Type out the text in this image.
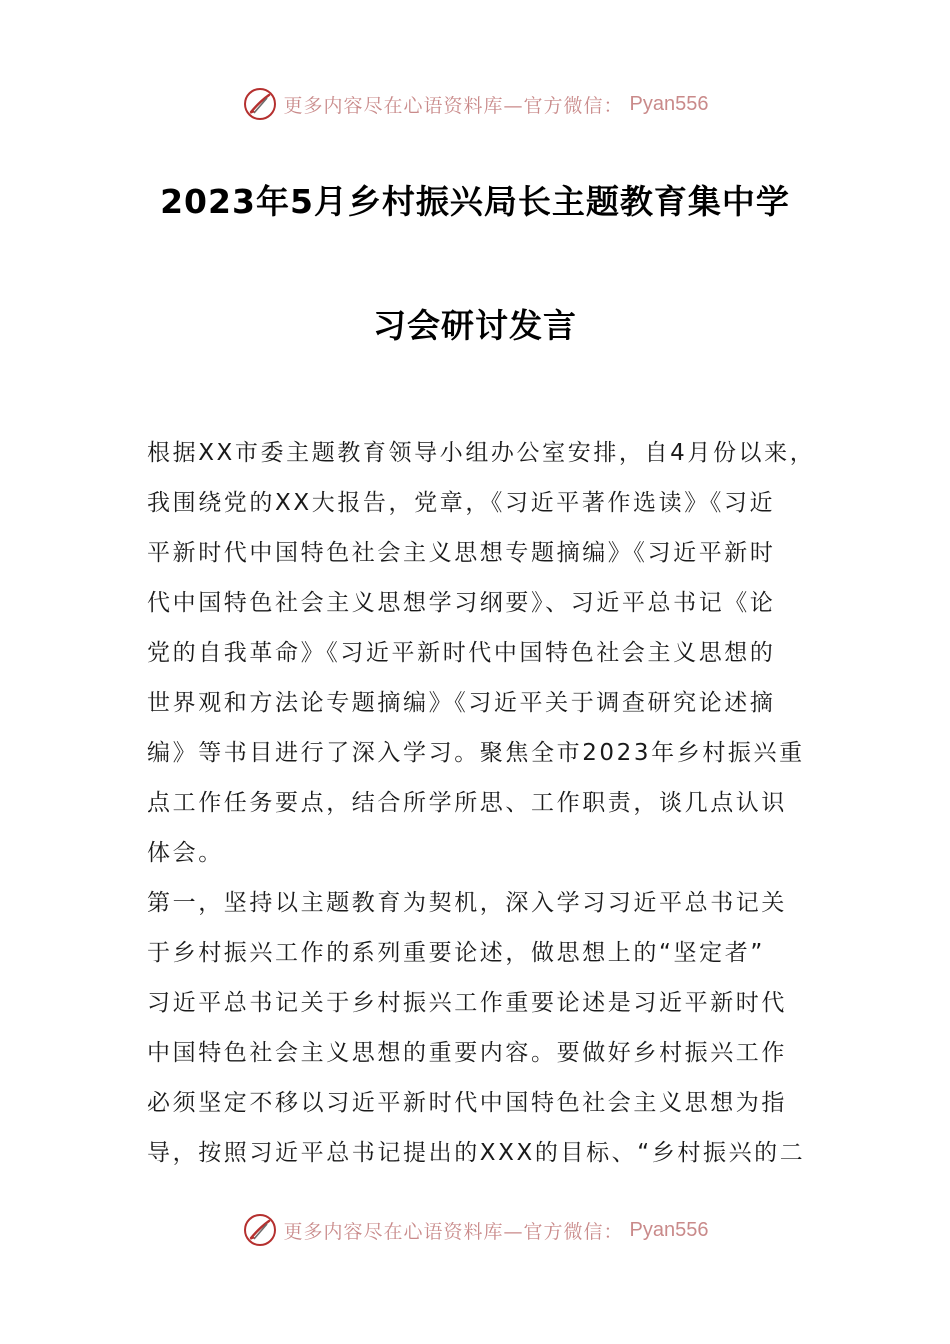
更多内容尽在心语资料库—官方微信： Pyan556
2023年5月乡村振兴局长主题教育集中学
习会研讨发言
根据XX市委主题教育领导小组办公室安排，自4月份以来，
我围绕党的XX大报告，党章，《习近平著作选读》《习近
平新时代中国特色社会主义思想专题摘编》《习近平新时
代中国特色社会主义思想学习纲要》、习近平总书记《论
党的自我革命》《习近平新时代中国特色社会主义思想的
世界观和方法论专题摘编》《习近平关于调查研究论述摘
编》等书目进行了深入学习。聚焦全市2023年乡村振兴重
点工作任务要点，结合所学所思、工作职责，谈几点认识
体会。
第一，坚持以主题教育为契机，深入学习习近平总书记关
于乡村振兴工作的系列重要论述，做思想上的“坚定者”
习近平总书记关于乡村振兴工作重要论述是习近平新时代
中国特色社会主义思想的重要内容。要做好乡村振兴工作
必须坚定不移以习近平新时代中国特色社会主义思想为指
导，按照习近平总书记提出的XXX的目标、“乡村振兴的二
更多内容尽在心语资料库—官方微信： Pyan556
